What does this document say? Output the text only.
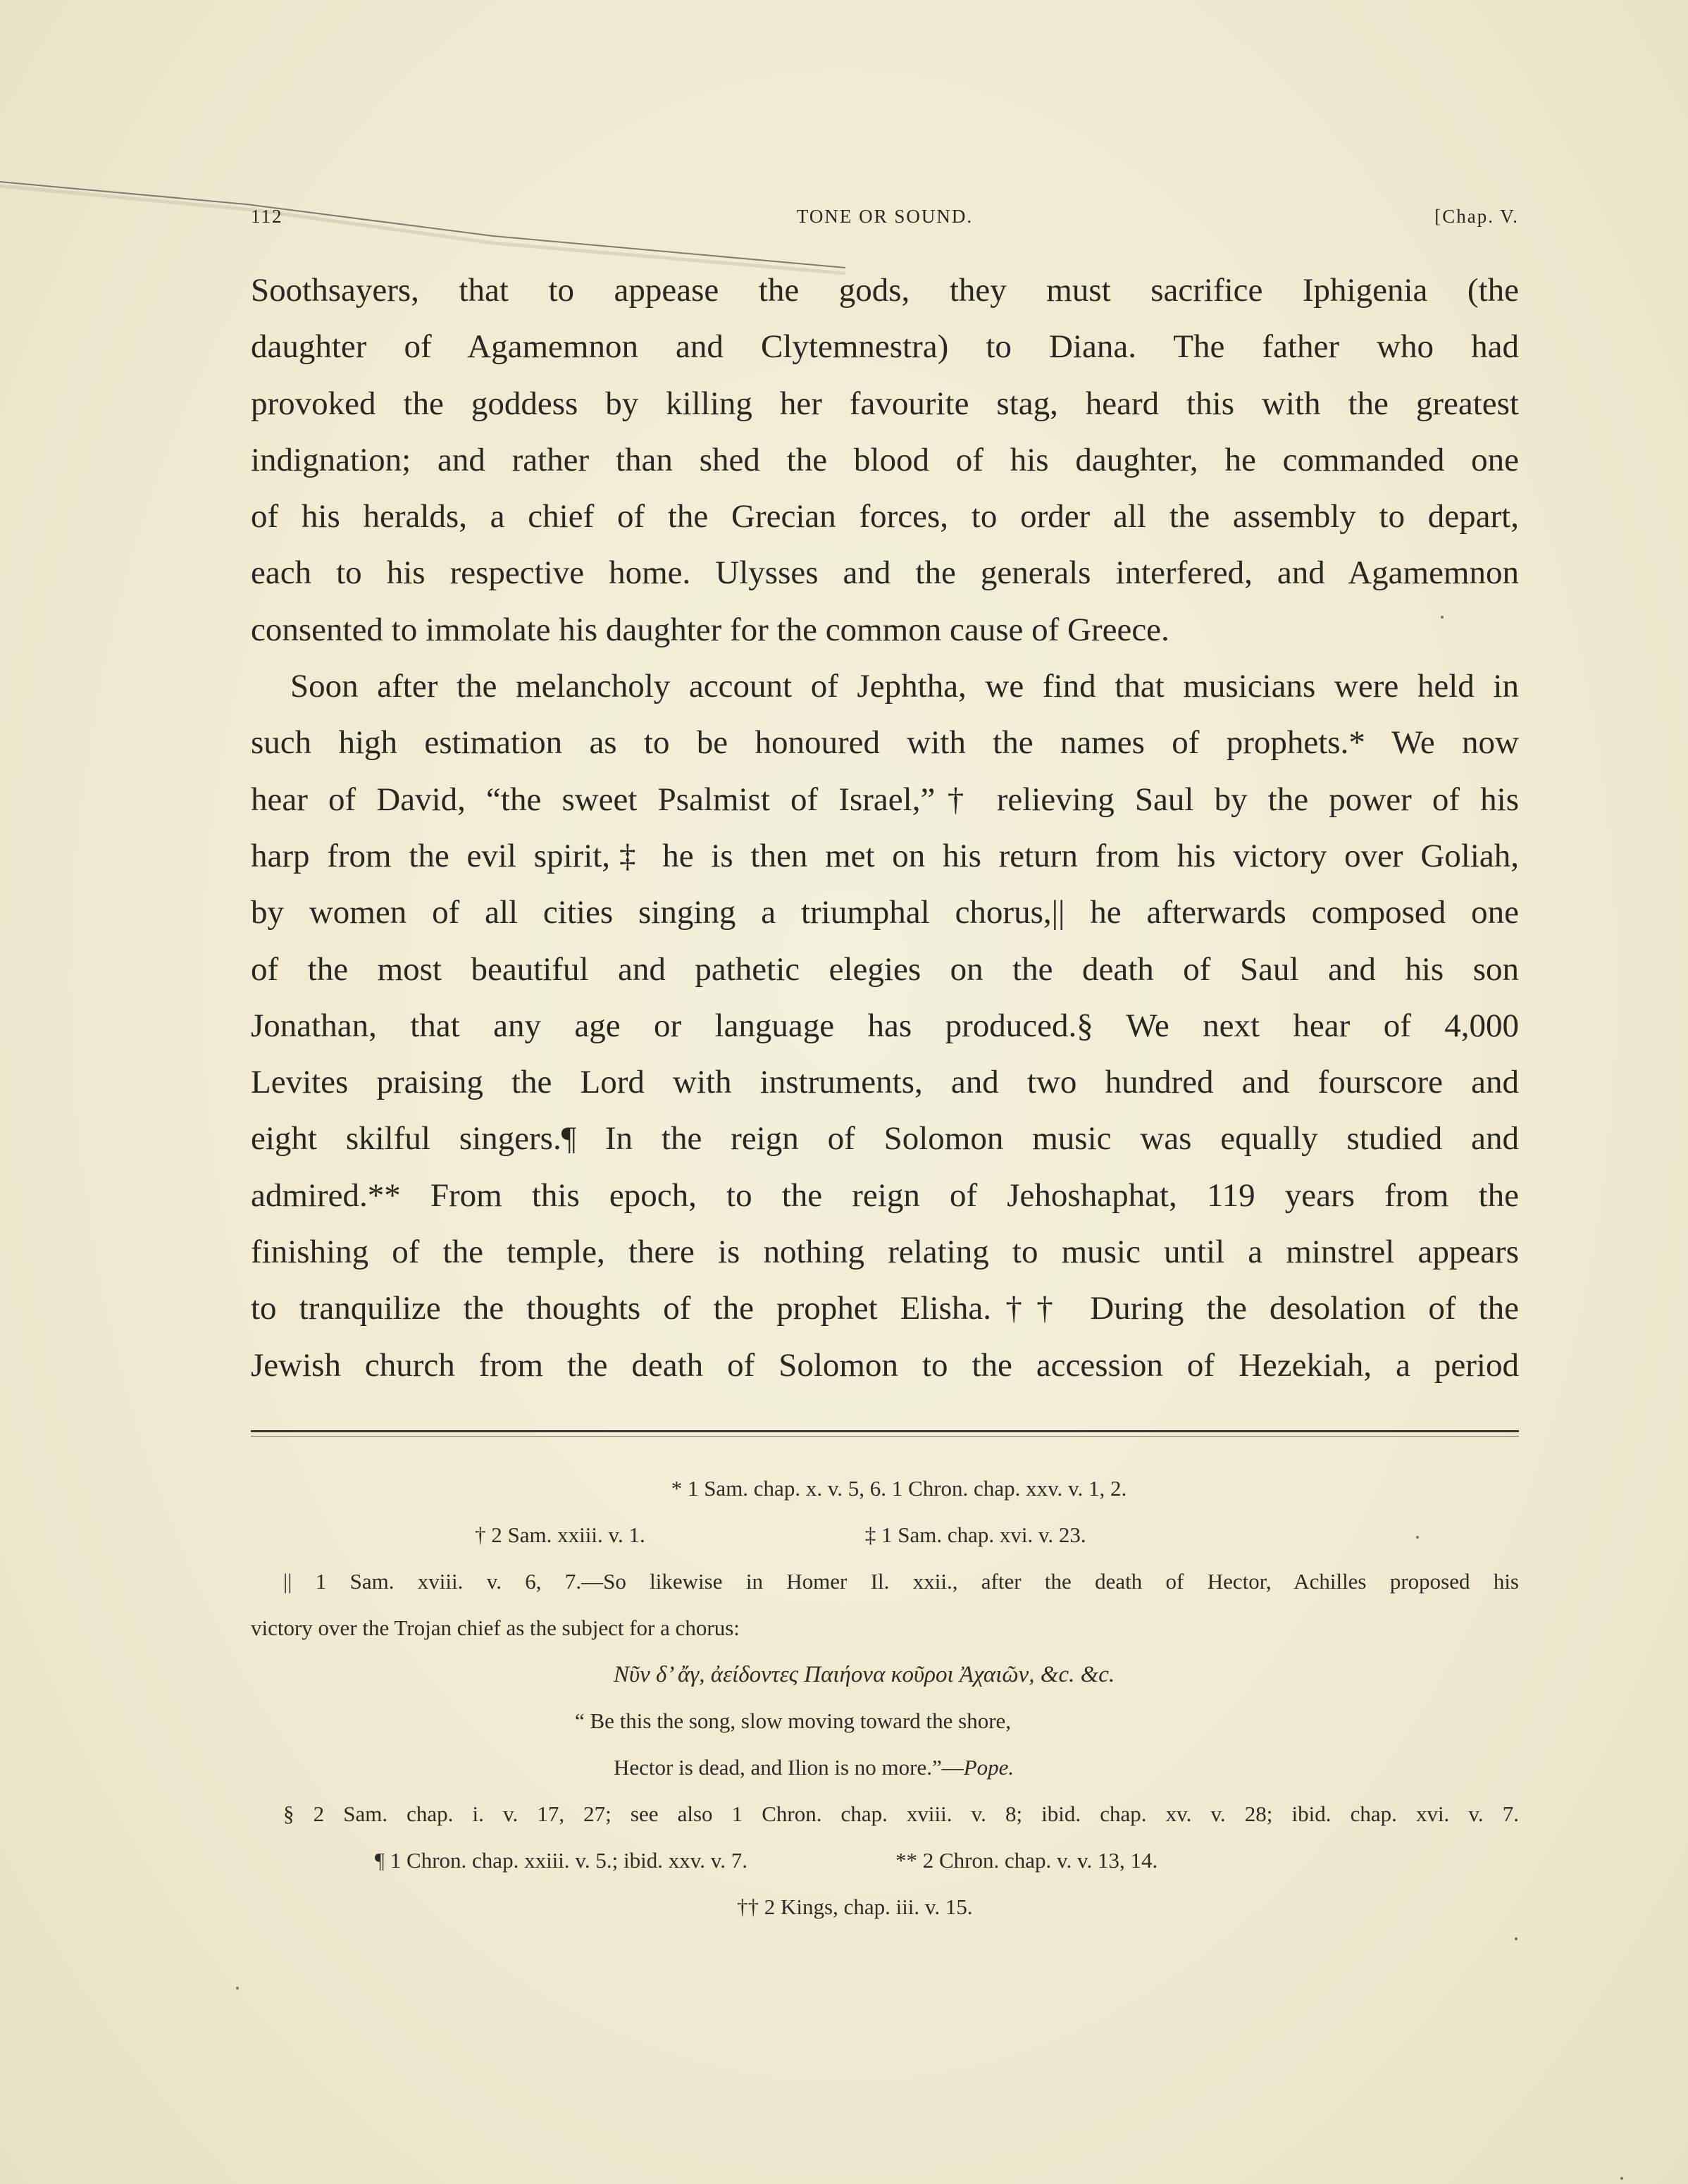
112	TONE OR SOUND.	[Chap. V.

Soothsayers, that to appease the gods, they must sacrifice Iphigenia (the

daughter of Agamemnon and Clytemnestra) to Diana. The father who had

provoked the goddess by killing her favourite stag, heard this with the greatest

indignation; and rather than shed the blood of his daughter, he commanded one

of his heralds, a chief of the Grecian forces, to order all the assembly to depart,

each to his respective home. Ulysses and the generals interfered, and Agamemnon

consented to immolate his daughter for the common cause of Greece.

Soon after the melancholy account of Jephtha, we find that musicians were held in

such high estimation as to be honoured with the names of prophets.* We now

hear of David, “the sweet Psalmist of Israel,”† relieving Saul by the power of his

harp from the evil spirit,‡ he is then met on his return from his victory over Goliah,

by women of all cities singing a triumphal chorus,|| he afterwards composed one

of the most beautiful and pathetic elegies on the death of Saul and his son

Jonathan, that any age or language has produced.§ We next hear of 4,000

Levites praising the Lord with instruments, and two hundred and fourscore and

eight skilful singers.¶ In the reign of Solomon music was equally studied and

admired.** From this epoch, to the reign of Jehoshaphat, 119 years from the

finishing of the temple, there is nothing relating to music until a minstrel appears

to tranquilize the thoughts of the prophet Elisha.†† During the desolation of the

Jewish church from the death of Solomon to the accession of Hezekiah, a period

* 1 Sam. chap. x. v. 5, 6. 1 Chron. chap. xxv. v. 1, 2.
† 2 Sam. xxiii. v. 1.	‡ 1 Sam. chap. xvi. v. 23.
|| 1 Sam. xviii. v. 6, 7.—So likewise in Homer Il. xxii., after the death of Hector, Achilles proposed his
victory over the Trojan chief as the subject for a chorus:
Νῦν δ’ ἄγ, ἀείδοντες Παιήονα κοῦροι Ἀχαιῶν, &c. &c.
“ Be this the song, slow moving toward the shore,
Hector is dead, and Ilion is no more.”—Pope.
§ 2 Sam. chap. i. v. 17, 27; see also 1 Chron. chap. xviii. v. 8; ibid. chap. xv. v. 28; ibid. chap. xvi. v. 7.
¶ 1 Chron. chap. xxiii. v. 5.; ibid. xxv. v. 7.	** 2 Chron. chap. v. v. 13, 14.
†† 2 Kings, chap. iii. v. 15.
